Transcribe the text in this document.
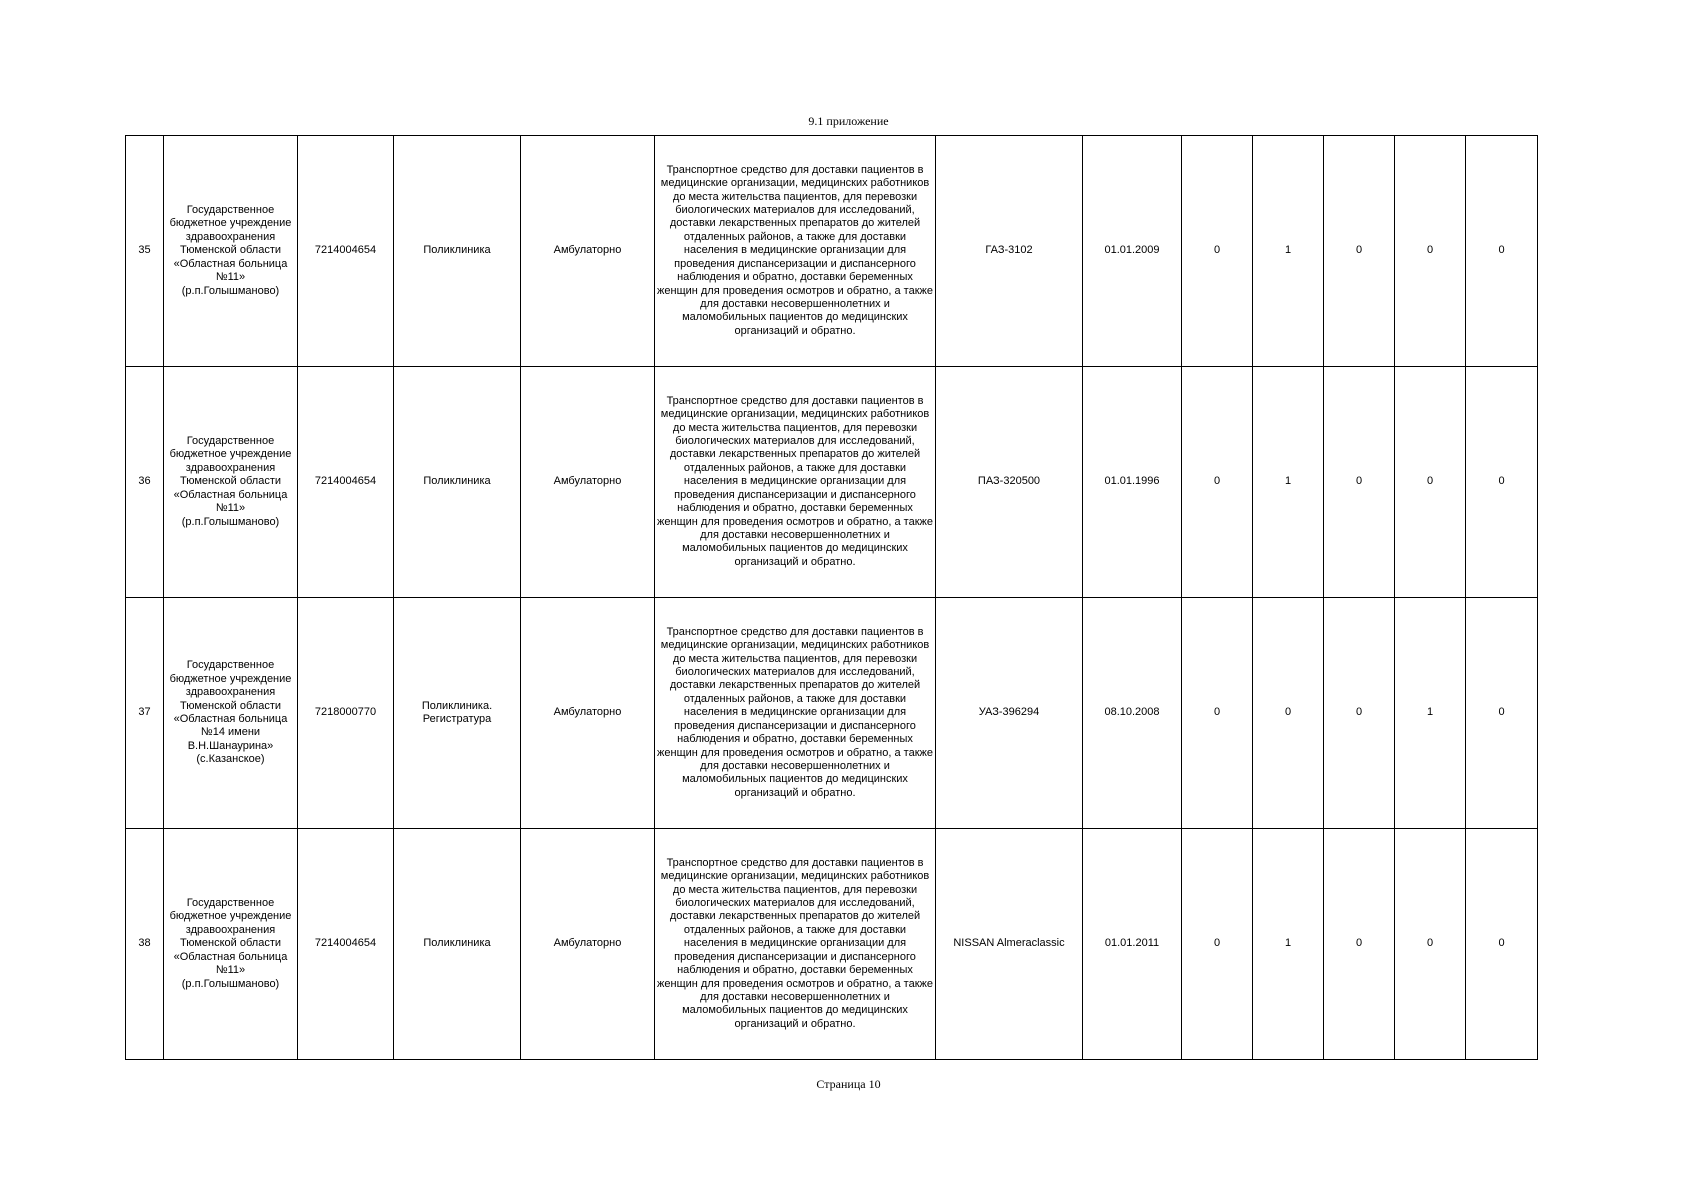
9.1 приложение
35	Государственное бюджетное учреждение здравоохранения Тюменской области «Областная больница №11» (р.п.Голышманово)	7214004654	Поликлиника	Амбулаторно	Транспортное средство для доставки пациентов в медицинские организации, медицинских работников до места жительства пациентов, для перевозки биологических материалов для исследований, доставки лекарственных препаратов до жителей отдаленных районов, а также для доставки населения в медицинские организации для проведения диспансеризации и диспансерного наблюдения и обратно, доставки беременных женщин для проведения осмотров и обратно, а также для доставки несовершеннолетних и маломобильных пациентов до медицинских организаций и обратно.	ГАЗ-3102	01.01.2009	0	1	0	0	0
36	Государственное бюджетное учреждение здравоохранения Тюменской области «Областная больница №11» (р.п.Голышманово)	7214004654	Поликлиника	Амбулаторно	Транспортное средство для доставки пациентов в медицинские организации, медицинских работников до места жительства пациентов, для перевозки биологических материалов для исследований, доставки лекарственных препаратов до жителей отдаленных районов, а также для доставки населения в медицинские организации для проведения диспансеризации и диспансерного наблюдения и обратно, доставки беременных женщин для проведения осмотров и обратно, а также для доставки несовершеннолетних и маломобильных пациентов до медицинских организаций и обратно.	ПАЗ-320500	01.01.1996	0	1	0	0	0
37	Государственное бюджетное учреждение здравоохранения Тюменской области «Областная больница №14 имени В.Н.Шанаурина» (с.Казанское)	7218000770	Поликлиника. Регистратура	Амбулаторно	Транспортное средство для доставки пациентов в медицинские организации, медицинских работников до места жительства пациентов, для перевозки биологических материалов для исследований, доставки лекарственных препаратов до жителей отдаленных районов, а также для доставки населения в медицинские организации для проведения диспансеризации и диспансерного наблюдения и обратно, доставки беременных женщин для проведения осмотров и обратно, а также для доставки несовершеннолетних и маломобильных пациентов до медицинских организаций и обратно.	УАЗ-396294	08.10.2008	0	0	0	1	0
38	Государственное бюджетное учреждение здравоохранения Тюменской области «Областная больница №11» (р.п.Голышманово)	7214004654	Поликлиника	Амбулаторно	Транспортное средство для доставки пациентов в медицинские организации, медицинских работников до места жительства пациентов, для перевозки биологических материалов для исследований, доставки лекарственных препаратов до жителей отдаленных районов, а также для доставки населения в медицинские организации для проведения диспансеризации и диспансерного наблюдения и обратно, доставки беременных женщин для проведения осмотров и обратно, а также для доставки несовершеннолетних и маломобильных пациентов до медицинских организаций и обратно.	NISSAN Almeraclassic	01.01.2011	0	1	0	0	0
Страница 10
